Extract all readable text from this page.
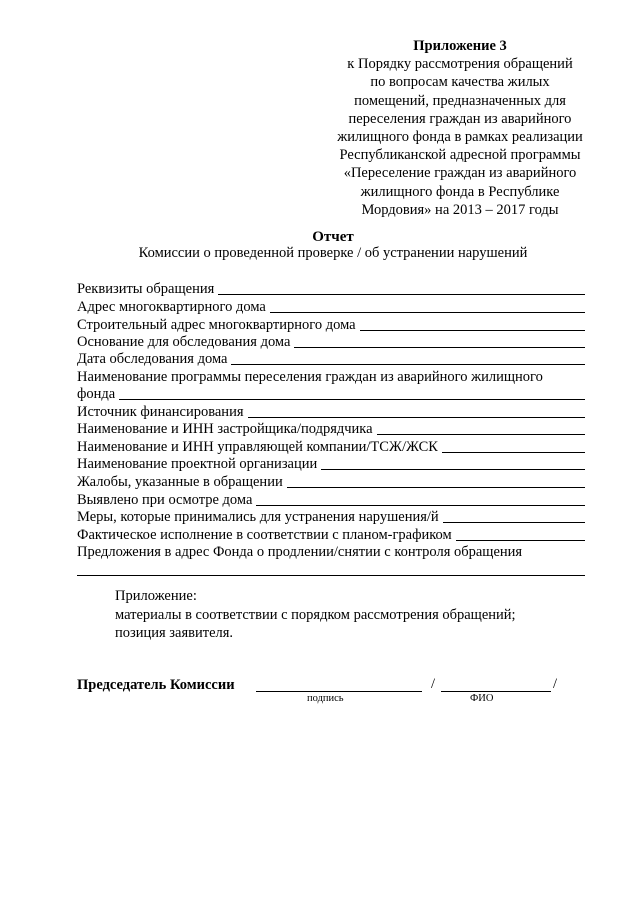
Приложение 3
к Порядку рассмотрения обращений
по вопросам качества жилых
помещений, предназначенных для
переселения граждан из аварийного
жилищного фонда в рамках реализации
Республиканской адресной программы
«Переселение граждан из аварийного
жилищного фонда в Республике
Мордовия» на 2013 – 2017 годы
Отчет
Комиссии о проведенной проверке / об устранении нарушений
Реквизиты обращения
Адрес многоквартирного дома
Строительный адрес многоквартирного дома
Основание для обследования дома
Дата обследования дома
Наименование программы переселения граждан из аварийного жилищного
фонда
Источник финансирования
Наименование и ИНН застройщика/подрядчика
Наименование и ИНН управляющей компании/ТСЖ/ЖСК
Наименование проектной организации
Жалобы, указанные в обращении
Выявлено при осмотре дома
Меры, которые принимались для устранения нарушения/й
Фактическое исполнение в соответствии с планом-графиком
Предложения в адрес Фонда о продлении/снятии с контроля обращения
Приложение:
материалы в соответствии с порядком рассмотрения обращений;
позиция заявителя.
Председатель Комиссии	/	/
подпись	ФИО
